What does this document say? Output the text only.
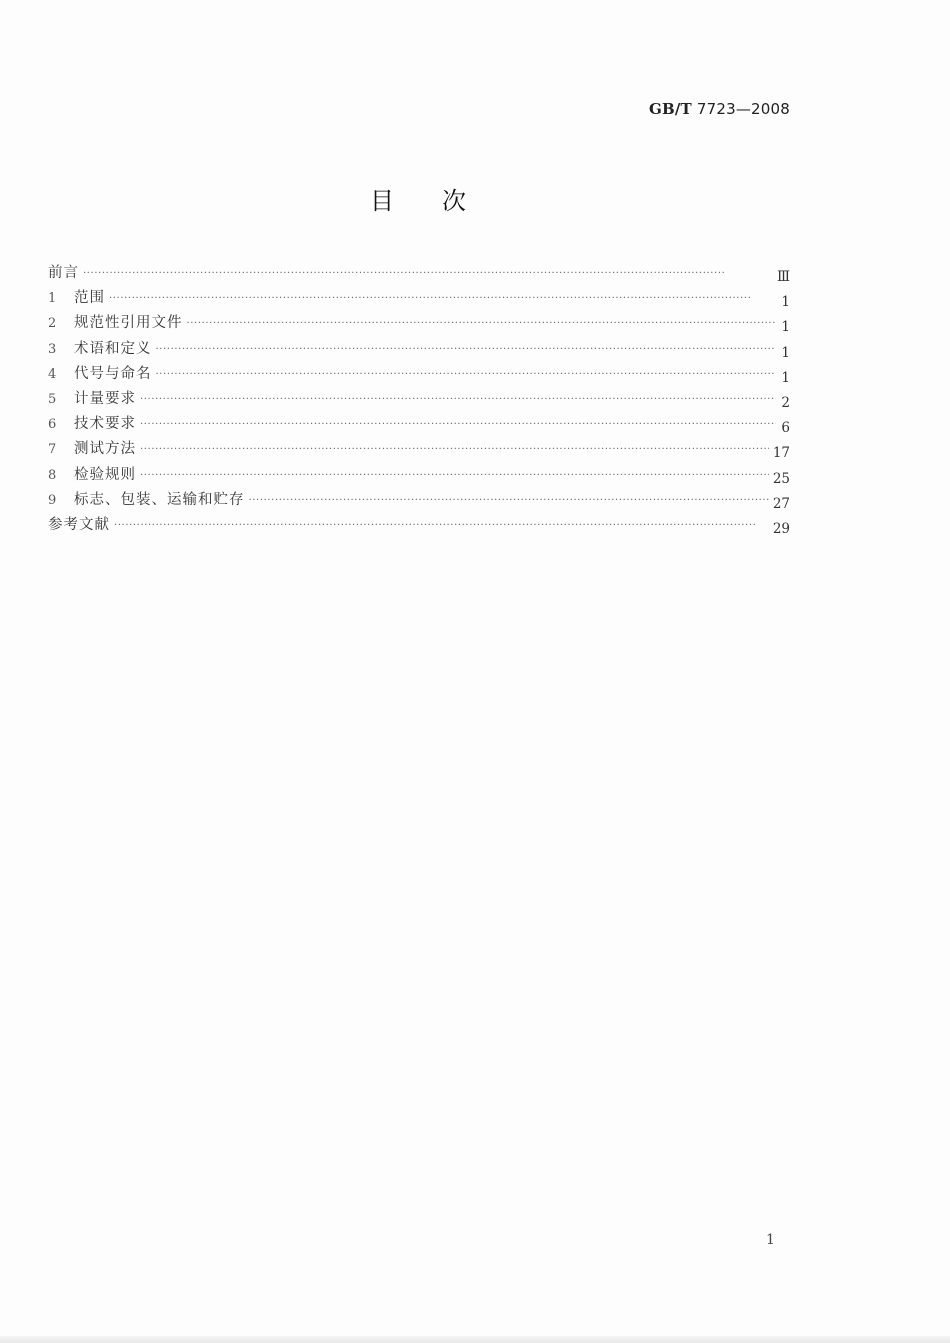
GB/T 7723—2008
目次
前言 ·····	Ⅲ
1	范围 ·····	1
2	规范性引用文件 ·····	1
3	术语和定义 ·····	1
4	代号与命名 ·····	1
5	计量要求 ·····	2
6	技术要求 ·····	6
7	测试方法 ·····	17
8	检验规则 ·····	25
9	标志、包装、运输和贮存 ·····	27
参考文献 ·····	29
1
